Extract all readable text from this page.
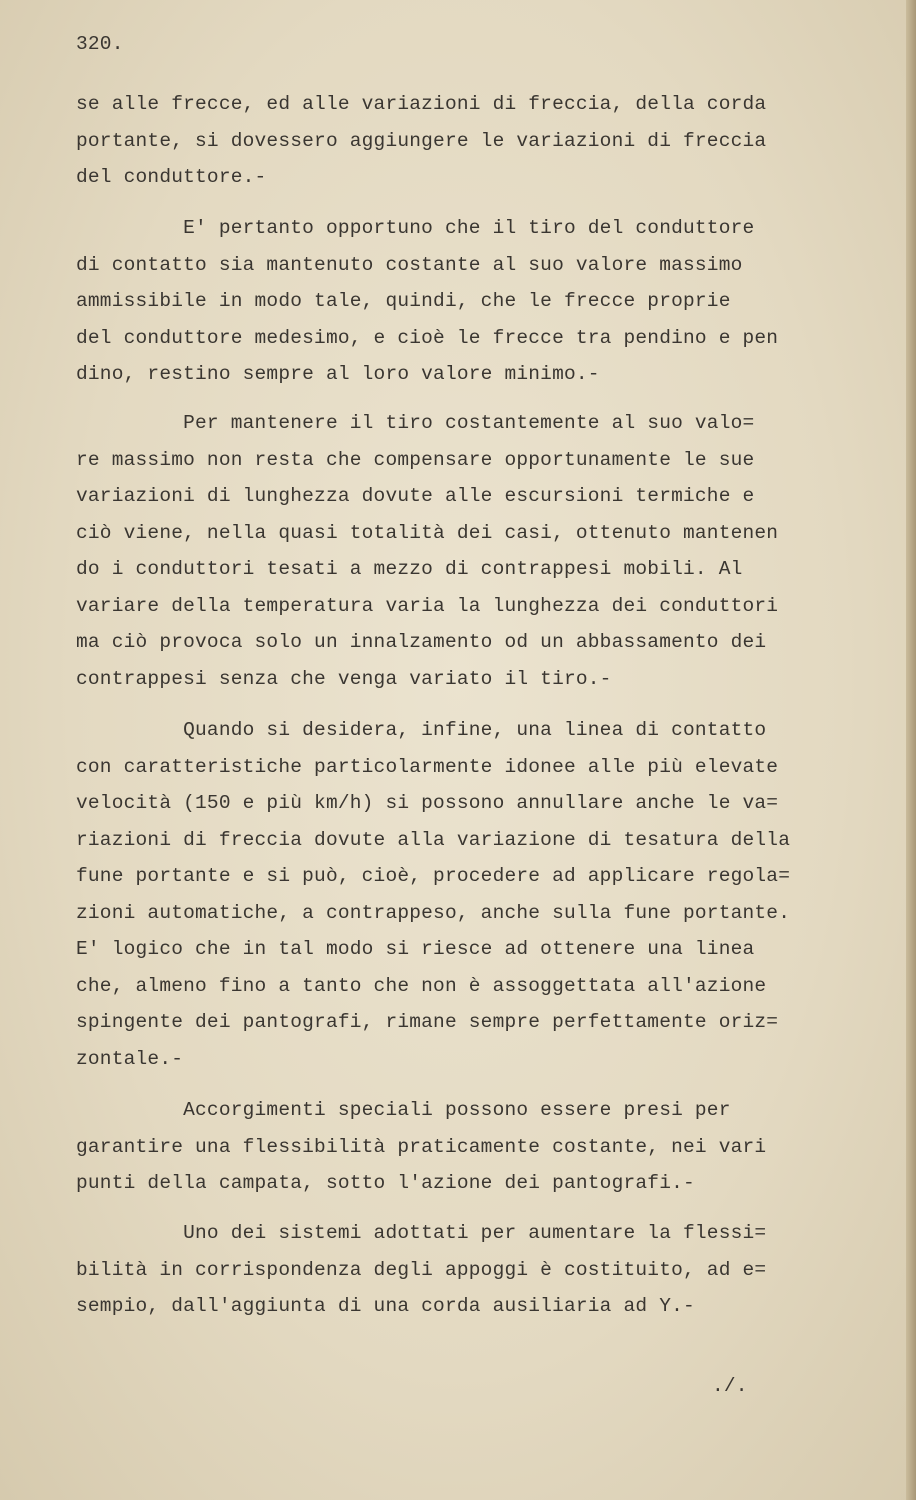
320.
se alle frecce, ed alle variazioni di freccia, della corda
portante, si dovessero aggiungere le variazioni di freccia
del conduttore.-
E' pertanto opportuno che il tiro del conduttore
di contatto sia mantenuto costante al suo valore massimo
ammissibile in modo tale, quindi, che le frecce proprie
del conduttore medesimo, e cioè le frecce tra pendino e pen
dino, restino sempre al loro valore minimo.-
Per mantenere il tiro costantemente al suo valo=
re massimo non resta che compensare opportunamente le sue
variazioni di lunghezza dovute alle escursioni termiche e
ciò viene, nella quasi totalità dei casi, ottenuto mantenen
do i conduttori tesati a mezzo di contrappesi mobili. Al
variare della temperatura varia la lunghezza dei conduttori
ma ciò provoca solo un innalzamento od un abbassamento dei
contrappesi senza che venga variato il tiro.-
Quando si desidera, infine, una linea di contatto
con caratteristiche particolarmente idonee alle più elevate
velocità (150 e più km/h) si possono annullare anche le va=
riazioni di freccia dovute alla variazione di tesatura della
fune portante e si può, cioè, procedere ad applicare regola=
zioni automatiche, a contrappeso, anche sulla fune portante.
E' logico che in tal modo si riesce ad ottenere una linea
che, almeno fino a tanto che non è assoggettata all'azione
spingente dei pantografi, rimane sempre perfettamente oriz=
zontale.-
Accorgimenti speciali possono essere presi per
garantire una flessibilità praticamente costante, nei vari
punti della campata, sotto l'azione dei pantografi.-
Uno dei sistemi adottati per aumentare la flessi=
bilità in corrispondenza degli appoggi è costituito, ad e=
sempio, dall'aggiunta di una corda ausiliaria ad Y.-
./.
